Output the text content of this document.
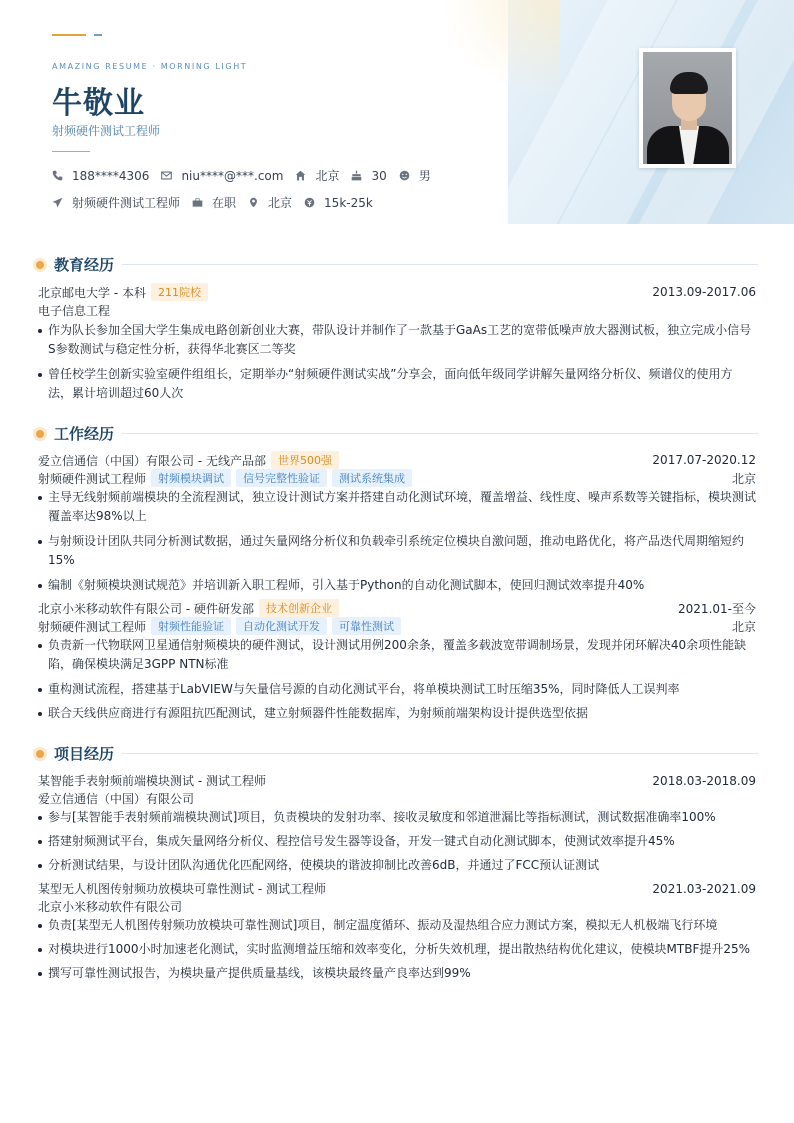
AMAZING RESUME · MORNING LIGHT
牛敬业
射频硬件测试工程师
188****4306	niu****@***.com	北京	30	男
射频硬件测试工程师	在职	北京	15k-25k
教育经历
北京邮电大学 - 本科	211院校	2013.09-2017.06
电子信息工程
作为队长参加全国大学生集成电路创新创业大赛，带队设计并制作了一款基于GaAs工艺的宽带低噪声放大器测试板，独立完成小信号S参数测试与稳定性分析，获得华北赛区二等奖
曾任校学生创新实验室硬件组组长，定期举办“射频硬件测试实战”分享会，面向低年级同学讲解矢量网络分析仪、频谱仪的使用方法，累计培训超过60人次
工作经历
爱立信通信（中国）有限公司 - 无线产品部	世界500强	2017.07-2020.12
射频硬件测试工程师	射频模块调试	信号完整性验证	测试系统集成	北京
主导无线射频前端模块的全流程测试，独立设计测试方案并搭建自动化测试环境，覆盖增益、线性度、噪声系数等关键指标，模块测试覆盖率达98%以上
与射频设计团队共同分析测试数据，通过矢量网络分析仪和负载牵引系统定位模块自激问题，推动电路优化，将产品迭代周期缩短约15%
编制《射频模块测试规范》并培训新入职工程师，引入基于Python的自动化测试脚本，使回归测试效率提升40%
北京小米移动软件有限公司 - 硬件研发部	技术创新企业	2021.01-至今
射频硬件测试工程师	射频性能验证	自动化测试开发	可靠性测试	北京
负责新一代物联网卫星通信射频模块的硬件测试，设计测试用例200余条，覆盖多载波宽带调制场景，发现并闭环解决40余项性能缺陷，确保模块满足3GPP NTN标准
重构测试流程，搭建基于LabVIEW与矢量信号源的自动化测试平台，将单模块测试工时压缩35%，同时降低人工误判率
联合天线供应商进行有源阻抗匹配测试，建立射频器件性能数据库，为射频前端架构设计提供选型依据
项目经历
某智能手表射频前端模块测试 - 测试工程师	2018.03-2018.09
爱立信通信（中国）有限公司
参与[某智能手表射频前端模块测试]项目，负责模块的发射功率、接收灵敏度和邻道泄漏比等指标测试，测试数据准确率100%
搭建射频测试平台，集成矢量网络分析仪、程控信号发生器等设备，开发一键式自动化测试脚本，使测试效率提升45%
分析测试结果，与设计团队沟通优化匹配网络，使模块的谐波抑制比改善6dB，并通过了FCC预认证测试
某型无人机图传射频功放模块可靠性测试 - 测试工程师	2021.03-2021.09
北京小米移动软件有限公司
负责[某型无人机图传射频功放模块可靠性测试]项目，制定温度循环、振动及湿热组合应力测试方案，模拟无人机极端飞行环境
对模块进行1000小时加速老化测试，实时监测增益压缩和效率变化，分析失效机理，提出散热结构优化建议，使模块MTBF提升25%
撰写可靠性测试报告，为模块量产提供质量基线，该模块最终量产良率达到99%
